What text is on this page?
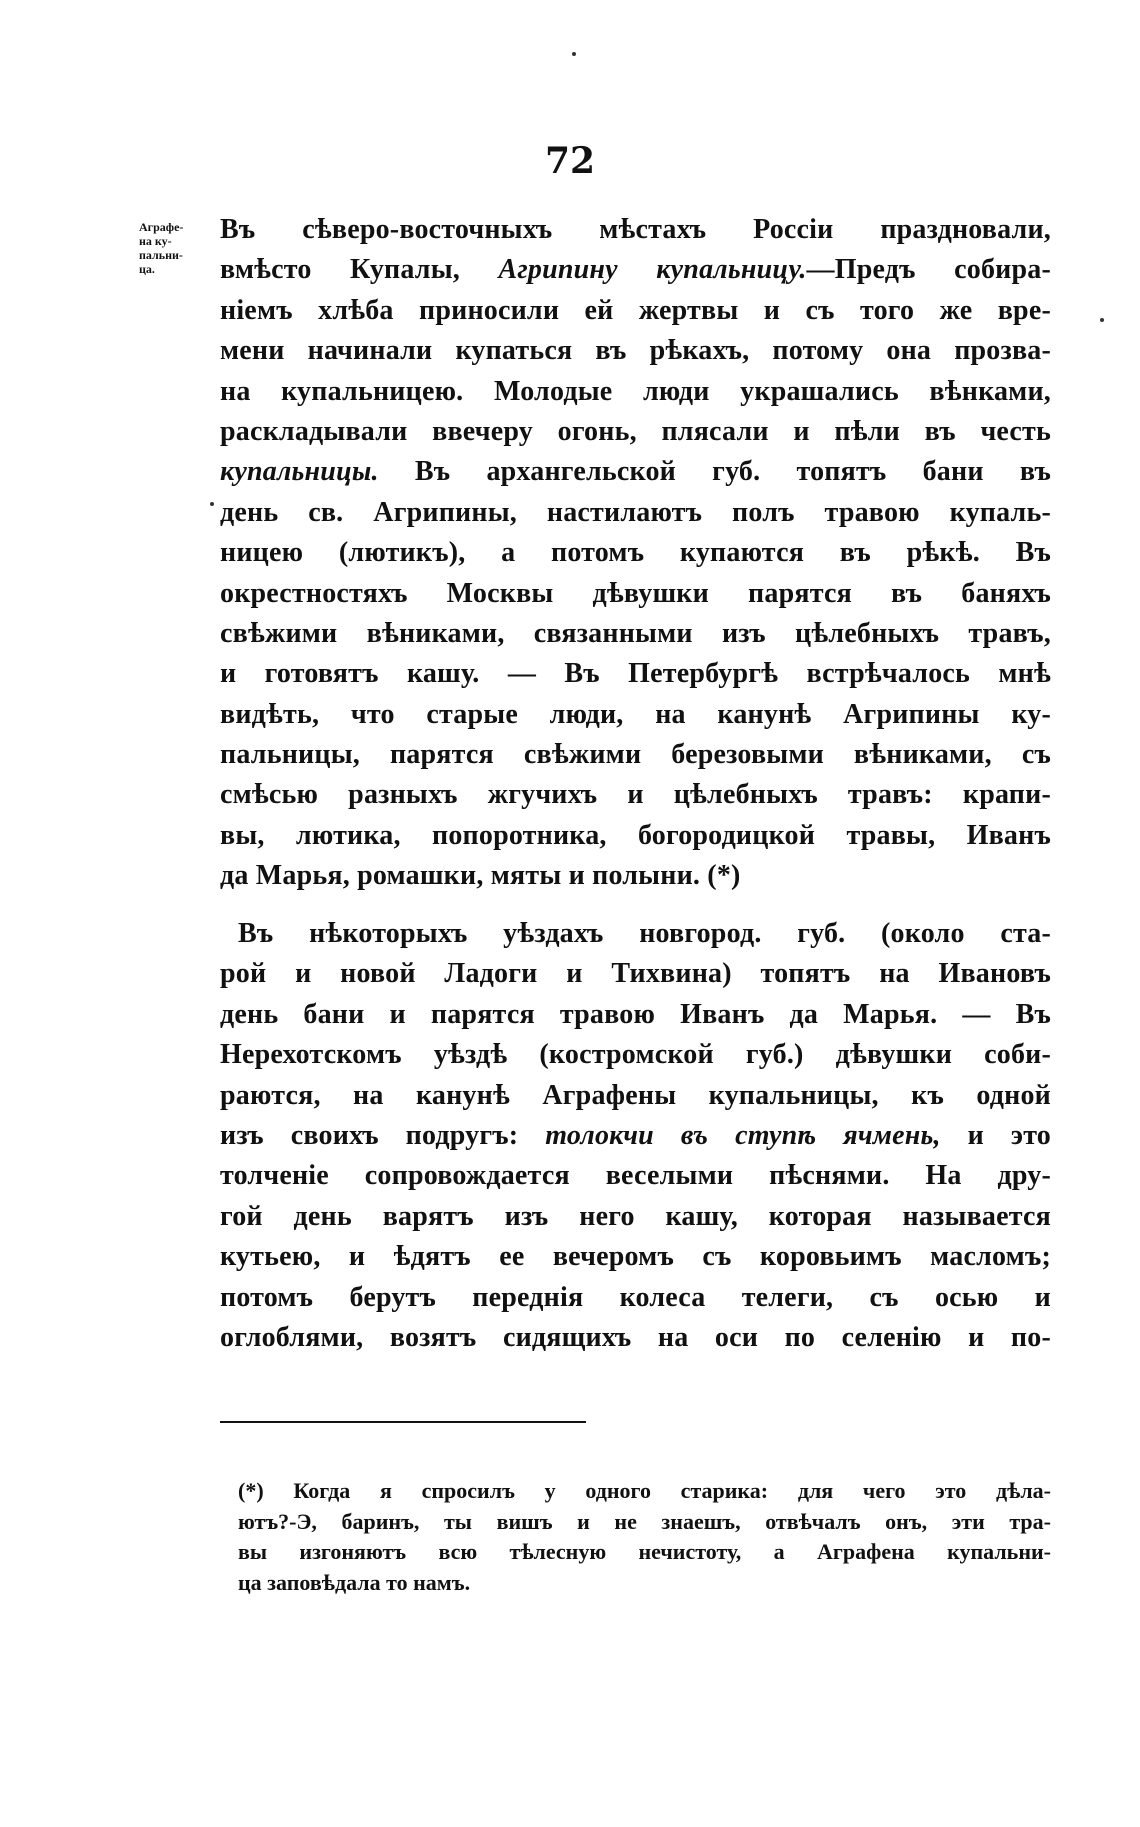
72
Аграфе-
на ку-
пальни-
ца.
Въ сѣверо-восточныхъ мѣстахъ Россіи праздновали,
вмѣсто Купалы, Агрипину купальницу.—Предъ собира-
ніемъ хлѣба приносили ей жертвы и съ того же вре-
мени начинали купаться въ рѣкахъ, потому она прозва-
на купальницею. Молодые люди украшались вѣнками,
раскладывали ввечеру огонь, плясали и пѣли въ честь
купальницы. Въ архангельской губ. топятъ бани въ
день св. Агрипины, настилаютъ полъ травою купаль-
ницею (лютикъ), а потомъ купаются въ рѣкѣ. Въ
окрестностяхъ Москвы дѣвушки парятся въ баняхъ
свѣжими вѣниками, связанными изъ цѣлебныхъ травъ,
и готовятъ кашу. — Въ Петербургѣ встрѣчалось мнѣ
видѣть, что старые люди, на канунѣ Агрипины ку-
пальницы, парятся свѣжими березовыми вѣниками, съ
смѣсью разныхъ жгучихъ и цѣлебныхъ травъ: крапи-
вы, лютика, попоротника, богородицкой травы, Иванъ
да Марья, ромашки, мяты и полыни. (*)
Въ нѣкоторыхъ уѣздахъ новгород. губ. (около ста-
рой и новой Ладоги и Тихвина) топятъ на Ивановъ
день бани и парятся травою Иванъ да Марья. — Въ
Нерехотскомъ уѣздѣ (костромской губ.) дѣвушки соби-
раются, на канунѣ Аграфены купальницы, къ одной
изъ своихъ подругъ: толокчи въ ступѣ ячмень, и это
толченіе сопровождается веселыми пѣснями. На дру-
гой день варятъ изъ него кашу, которая называется
кутьею, и ѣдятъ ее вечеромъ съ коровьимъ масломъ;
потомъ берутъ переднія колеса телеги, съ осью и
оглоблями, возятъ сидящихъ на оси по селенію и по-
(*) Когда я спросилъ у одного старика: для чего это дѣла-
ютъ?-Э, баринъ, ты вишъ и не знаешъ, отвѣчалъ онъ, эти тра-
вы изгоняютъ всю тѣлесную нечистоту, а Аграфена купальни-
ца заповѣдала то намъ.
